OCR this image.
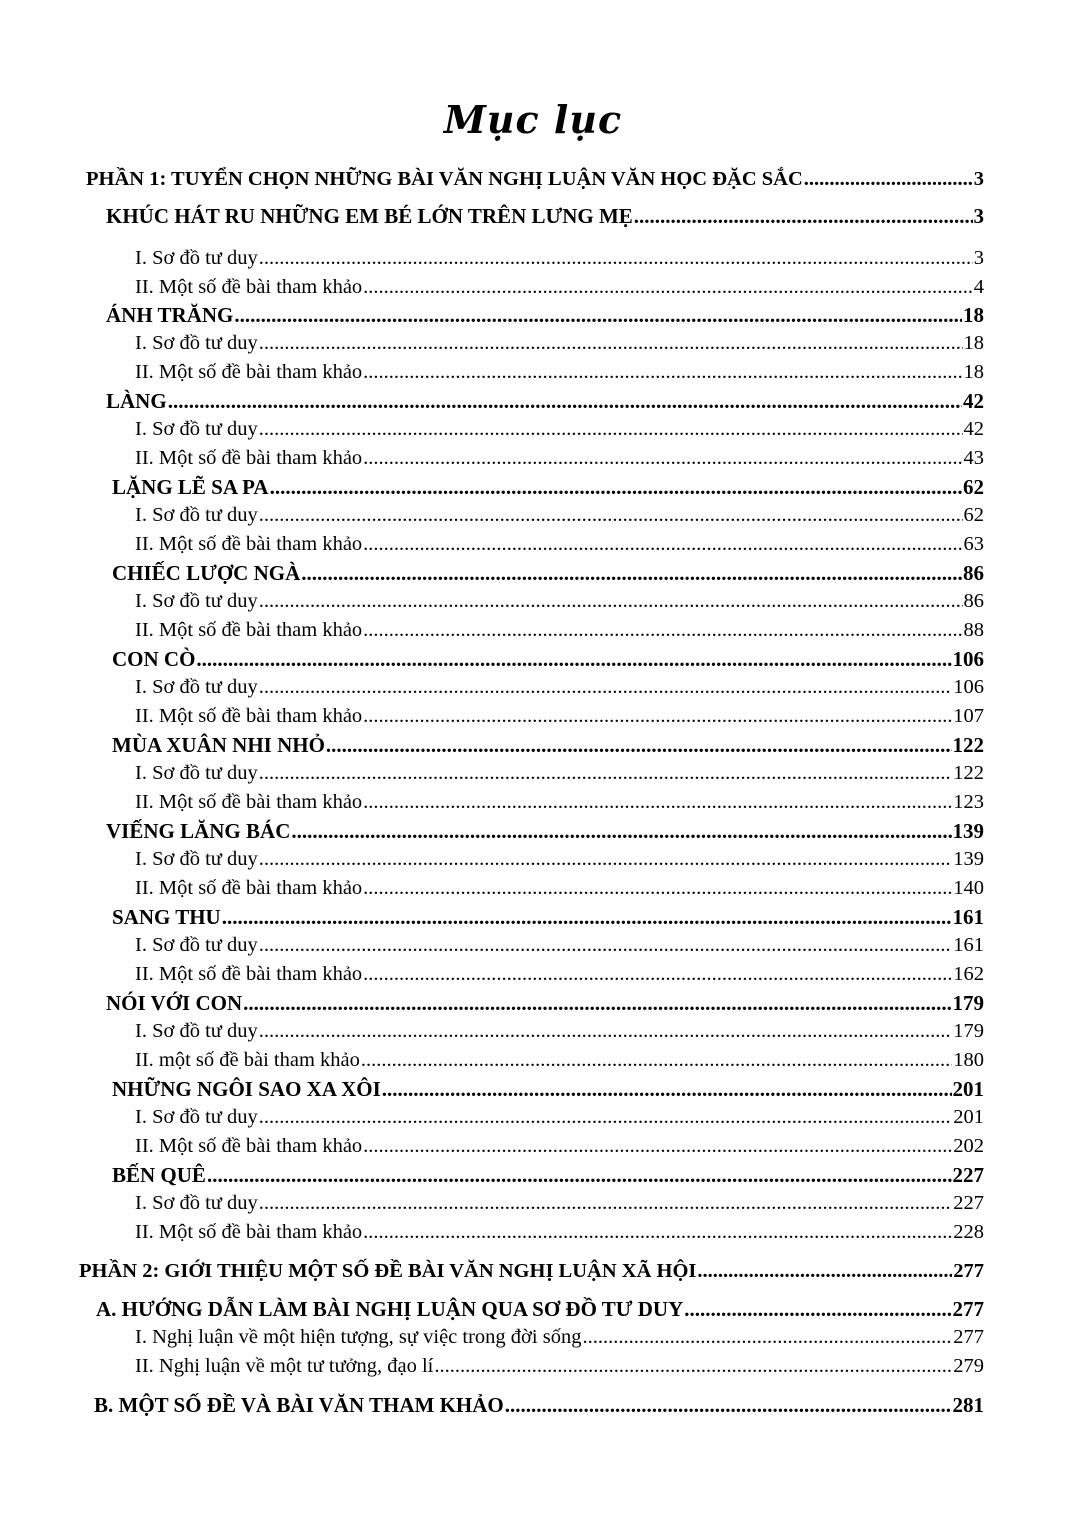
Mục lục
PHẦN 1: TUYỂN CHỌN NHỮNG BÀI VĂN NGHỊ LUẬN VĂN HỌC ĐẶC SẮC .....	3
KHÚC HÁT RU NHỮNG EM BÉ LỚN TRÊN LƯNG MẸ .....	3
I. Sơ đồ tư duy .....	3
II. Một số đề bài tham khảo .....	4
ÁNH TRĂNG .....	18
I. Sơ đồ tư duy .....	18
II. Một số đề bài tham khảo .....	18
LÀNG .....	42
I. Sơ đồ tư duy .....	42
II. Một số đề bài tham khảo .....	43
LẶNG LẼ SA PA .....	62
I. Sơ đồ tư duy .....	62
II. Một số đề bài tham khảo .....	63
CHIẾC LƯỢC NGÀ .....	86
I. Sơ đồ tư duy .....	86
II. Một số đề bài tham khảo .....	88
CON CÒ .....	106
I. Sơ đồ tư duy .....	106
II. Một số đề bài tham khảo .....	107
MÙA XUÂN NHI NHỎ .....	122
I. Sơ đồ tư duy .....	122
II. Một số đề bài tham khảo .....	123
VIẾNG LĂNG BÁC .....	139
I. Sơ đồ tư duy .....	139
II. Một số đề bài tham khảo .....	140
SANG THU .....	161
I. Sơ đồ tư duy .....	161
II. Một số đề bài tham khảo .....	162
NÓI VỚI CON .....	179
I. Sơ đồ tư duy .....	179
II. một số đề bài tham khảo .....	180
NHỮNG NGÔI SAO XA XÔI .....	201
I. Sơ đồ tư duy .....	201
II. Một số đề bài tham khảo .....	202
BẾN QUÊ .....	227
I. Sơ đồ tư duy .....	227
II. Một số đề bài tham khảo .....	228
PHẦN 2: GIỚI THIỆU MỘT SỐ ĐỀ BÀI VĂN NGHỊ LUẬN XÃ HỘI .....	277
A. HƯỚNG DẪN LÀM BÀI NGHỊ LUẬN QUA SƠ ĐỒ TƯ DUY .....	277
I. Nghị luận về một hiện tượng, sự việc trong đời sống .....	277
II. Nghị luận về một tư tưởng, đạo lí .....	279
B. MỘT SỐ ĐỀ VÀ BÀI VĂN THAM KHẢO .....	281
